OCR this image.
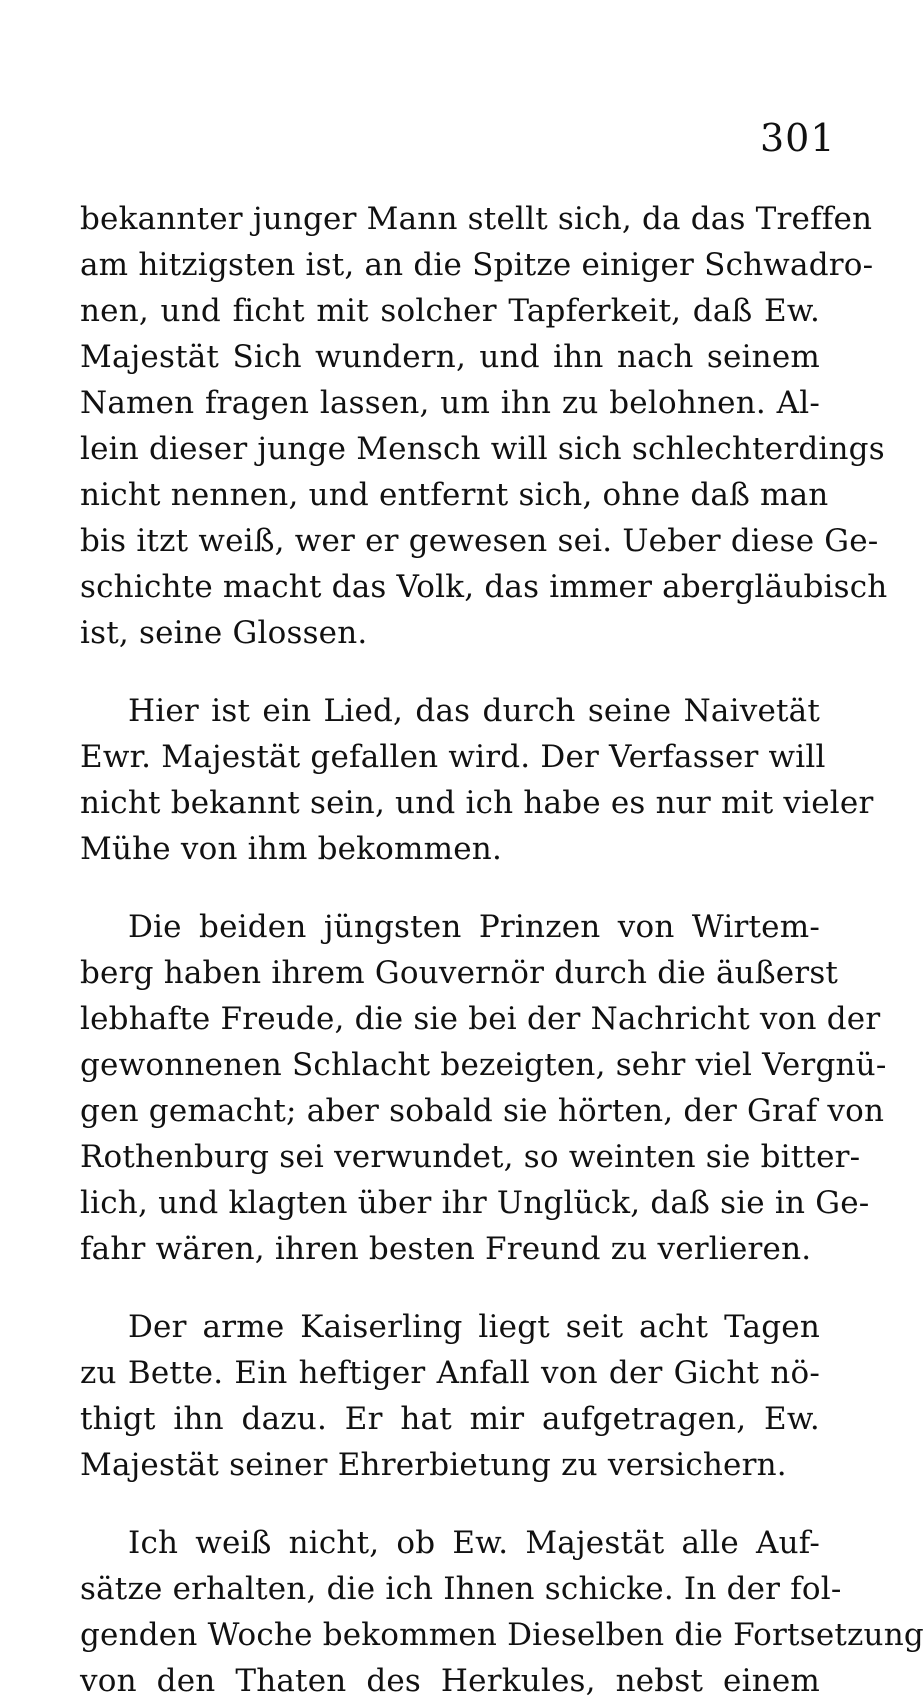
301
bekannter junger Mann stellt sich, da das Treffen
am hitzigsten ist, an die Spitze einiger Schwadro-
nen, und ficht mit solcher Tapferkeit, daß Ew.
Majestät Sich wundern, und ihn nach seinem
Namen fragen lassen, um ihn zu belohnen. Al-
lein dieser junge Mensch will sich schlechterdings
nicht nennen, und entfernt sich, ohne daß man
bis itzt weiß, wer er gewesen sei. Ueber diese Ge-
schichte macht das Volk, das immer abergläubisch
ist, seine Glossen.
Hier ist ein Lied, das durch seine Naivetät
Ewr. Majestät gefallen wird. Der Verfasser will
nicht bekannt sein, und ich habe es nur mit vieler
Mühe von ihm bekommen.
Die beiden jüngsten Prinzen von Wirtem-
berg haben ihrem Gouvernör durch die äußerst
lebhafte Freude, die sie bei der Nachricht von der
gewonnenen Schlacht bezeigten, sehr viel Vergnü-
gen gemacht; aber sobald sie hörten, der Graf von
Rothenburg sei verwundet, so weinten sie bitter-
lich, und klagten über ihr Unglück, daß sie in Ge-
fahr wären, ihren besten Freund zu verlieren.
Der arme Kaiserling liegt seit acht Tagen
zu Bette. Ein heftiger Anfall von der Gicht nö-
thigt ihn dazu. Er hat mir aufgetragen, Ew.
Majestät seiner Ehrerbietung zu versichern.
Ich weiß nicht, ob Ew. Majestät alle Auf-
sätze erhalten, die ich Ihnen schicke. In der fol-
genden Woche bekommen Dieselben die Fortsetzung
von den Thaten des Herkules, nebst einem
